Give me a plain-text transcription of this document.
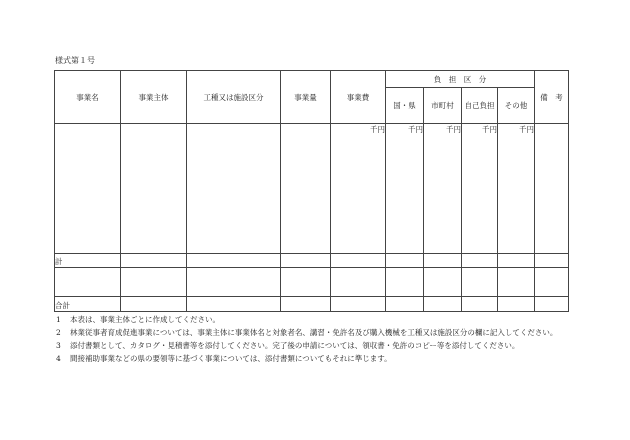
様式第１号
事業名	事業主体	工種又は施設区分	事業量	事業費	負　担　区　分				備　考
					国・県	市町村	自己負担	その他	
				千円	千円	千円	千円	千円	
計									

合計									
1 本表は、事業主体ごとに作成してください。
2 林業従事者育成促進事業については、事業主体に事業体名と対象者名、講習・免許名及び購入機械を工種又は施設区分の欄に記入してください。
3 添付書類として、カタログ・見積書等を添付してください。完了後の申請については、領収書・免許のコピー等を添付してください。
4 間接補助事業などの県の要領等に基づく事業については、添付書類についてもそれに準じます。
